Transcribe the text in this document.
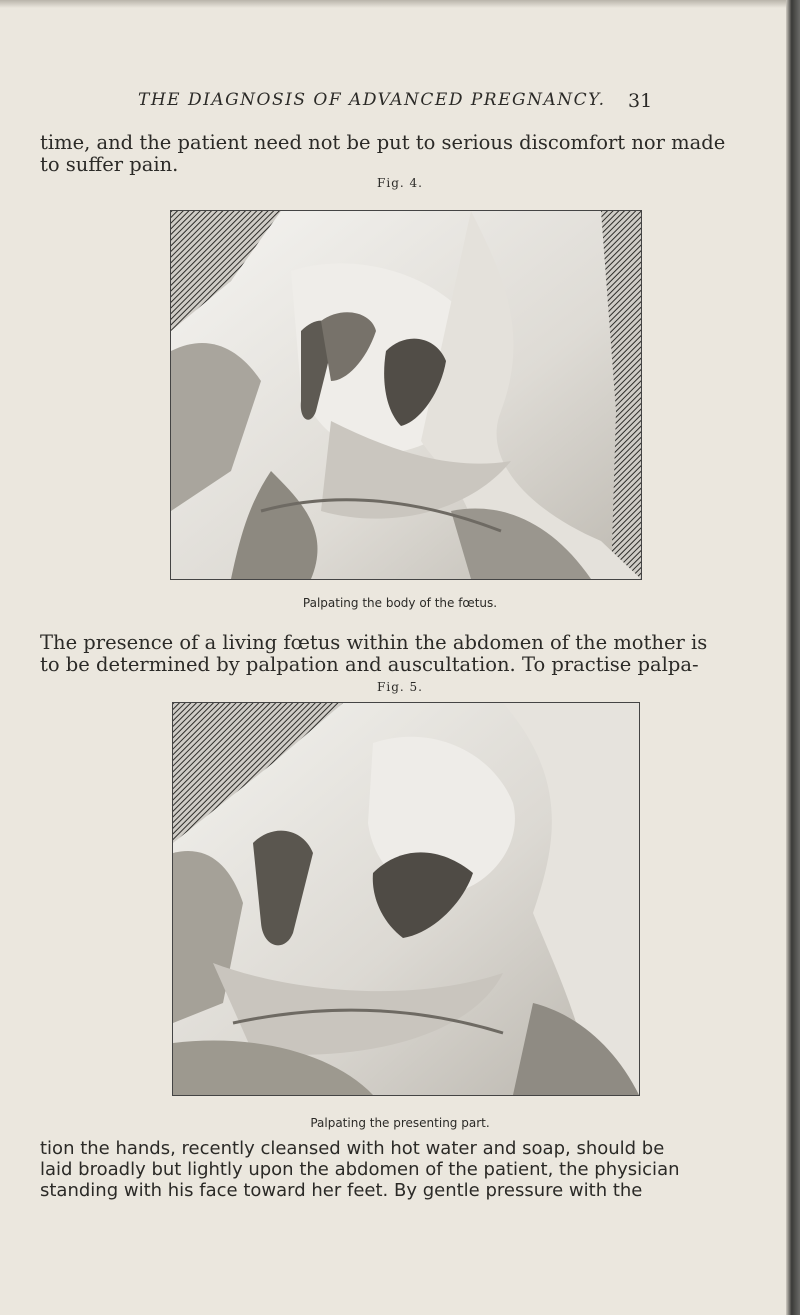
THE DIAGNOSIS OF ADVANCED PREGNANCY. 31
time, and the patient need not be put to serious discomfort nor made
to suffer pain.
Fig. 4.
Palpating the body of the fœtus.
The presence of a living fœtus within the abdomen of the mother is
to be determined by palpation and auscultation. To practise palpa-
Fig. 5.
Palpating the presenting part.
tion the hands, recently cleansed with hot water and soap, should be
laid broadly but lightly upon the abdomen of the patient, the physician
standing with his face toward her feet. By gentle pressure with the
